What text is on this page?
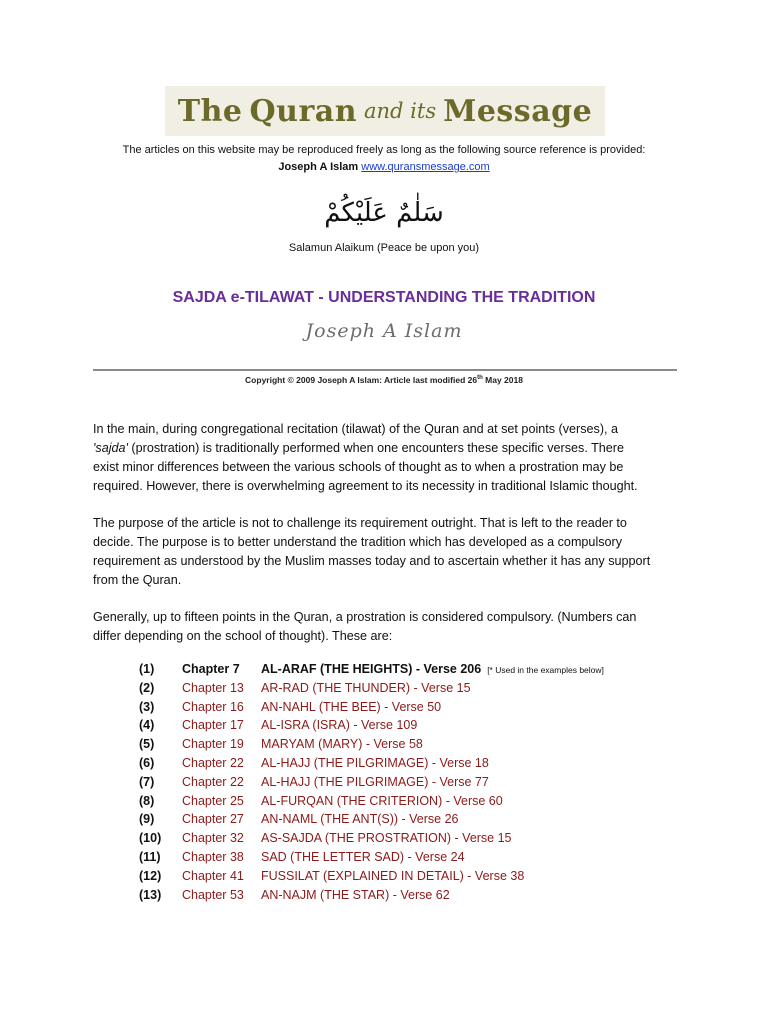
The Quran and its Message
The articles on this website may be reproduced freely as long as the following source reference is provided:
Joseph A Islam www.quransmessage.com
سَلٰمٌ عَلَيْكُمْ
Salamun Alaikum (Peace be upon you)
SAJDA e-TILAWAT - UNDERSTANDING THE TRADITION
Joseph A Islam
Copyright © 2009 Joseph A Islam: Article last modified 26th May 2018
In the main, during congregational recitation (tilawat) of the Quran and at set points (verses), a
'sajda' (prostration) is traditionally performed when one encounters these specific verses. There
exist minor differences between the various schools of thought as to when a prostration may be
required. However, there is overwhelming agreement to its necessity in traditional Islamic thought.
The purpose of the article is not to challenge its requirement outright. That is left to the reader to
decide. The purpose is to better understand the tradition which has developed as a compulsory
requirement as understood by the Muslim masses today and to ascertain whether it has any support
from the Quran.
Generally, up to fifteen points in the Quran, a prostration is considered compulsory. (Numbers can
differ depending on the school of thought). These are:
(1) Chapter 7 AL-ARAF (THE HEIGHTS) - Verse 206 [* Used in the examples below]
(2) Chapter 13 AR-RAD (THE THUNDER) - Verse 15
(3) Chapter 16 AN-NAHL (THE BEE) - Verse 50
(4) Chapter 17 AL-ISRA (ISRA) - Verse 109
(5) Chapter 19 MARYAM (MARY) - Verse 58
(6) Chapter 22 AL-HAJJ (THE PILGRIMAGE) - Verse 18
(7) Chapter 22 AL-HAJJ (THE PILGRIMAGE) - Verse 77
(8) Chapter 25 AL-FURQAN (THE CRITERION) - Verse 60
(9) Chapter 27 AN-NAML (THE ANT(S)) - Verse 26
(10) Chapter 32 AS-SAJDA (THE PROSTRATION) - Verse 15
(11) Chapter 38 SAD (THE LETTER SAD) - Verse 24
(12) Chapter 41 FUSSILAT (EXPLAINED IN DETAIL) - Verse 38
(13) Chapter 53 AN-NAJM (THE STAR) - Verse 62
